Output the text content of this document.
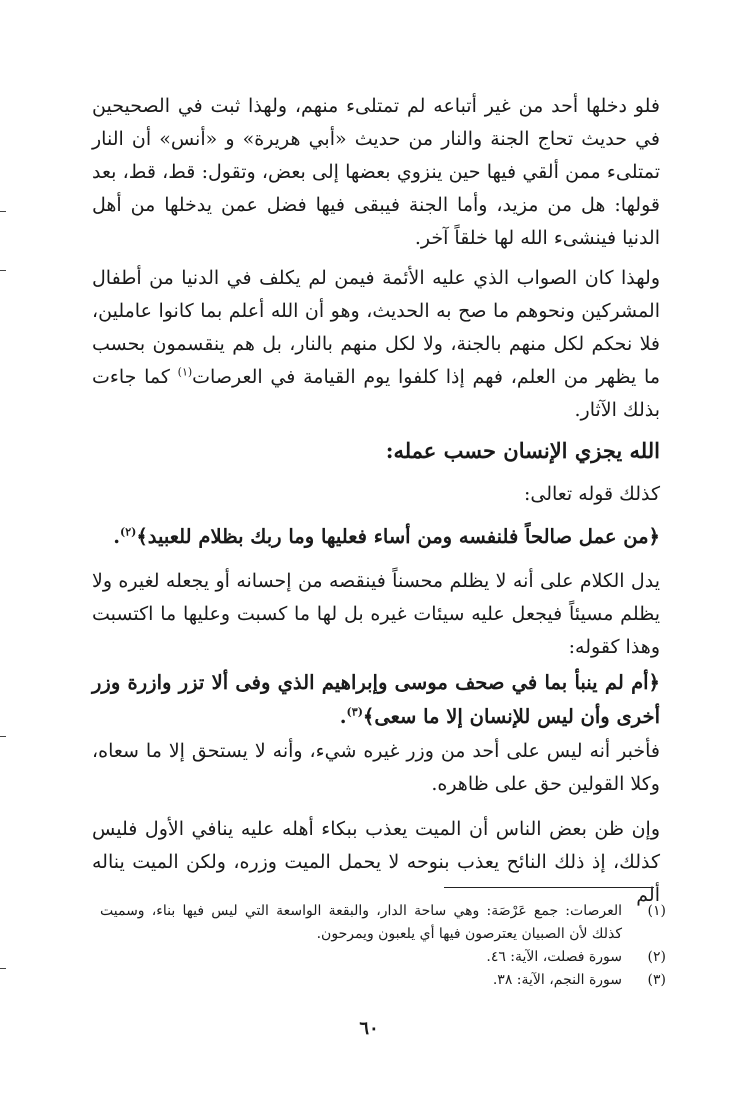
فلو دخلها أحد من غير أتباعه لم تمتلىء منهم، ولهذا ثبت في الصحيحين في حديث تحاج الجنة والنار من حديث «أبي هريرة» و «أنس» أن النار تمتلىء ممن ألقي فيها حين ينزوي بعضها إلى بعض، وتقول: قط، قط، بعد قولها: هل من مزيد، وأما الجنة فيبقى فيها فضل عمن يدخلها من أهل الدنيا فينشىء الله لها خلقاً آخر.

ولهذا كان الصواب الذي عليه الأئمة فيمن لم يكلف في الدنيا من أطفال المشركين ونحوهم ما صح به الحديث، وهو أن الله أعلم بما كانوا عاملين، فلا نحكم لكل منهم بالجنة، ولا لكل منهم بالنار، بل هم ينقسمون بحسب ما يظهر من العلم، فهم إذا كلفوا يوم القيامة في العرصات$^{(١)}$ كما جاءت بذلك الآثار.

الله يجزي الإنسان حسب عمله:

كذلك قوله تعالى:

﴿من عمل صالحاً فلنفسه ومن أساء فعليها وما ربك بظلام للعبيد﴾$^{(٢)}$.

يدل الكلام على أنه لا يظلم محسناً فينقصه من إحسانه أو يجعله لغيره ولا يظلم مسيئاً فيجعل عليه سيئات غيره بل لها ما كسبت وعليها ما اكتسبت وهذا كقوله:

﴿أم لم ينبأ بما في صحف موسى وإبراهيم الذي وفى ألا تزر وازرة وزر أخرى وأن ليس للإنسان إلا ما سعى﴾$^{(٣)}$.

فأخبر أنه ليس على أحد من وزر غيره شيء، وأنه لا يستحق إلا ما سعاه، وكلا القولين حق على ظاهره.

وإن ظن بعض الناس أن الميت يعذب ببكاء أهله عليه ينافي الأول فليس كذلك، إذ ذلك النائح يعذب بنوحه لا يحمل الميت وزره، ولكن الميت يناله ألم

(١)
العرصات: جمع عَرْصَة: وهي ساحة الدار، والبقعة الواسعة التي ليس فيها بناء، وسميت كذلك لأن الصبيان يعترصون فيها أي يلعبون ويمرحون.
(٢)
سورة فصلت، الآية: ٤٦.
(٣)
سورة النجم، الآية: ٣٨.
٦٠
